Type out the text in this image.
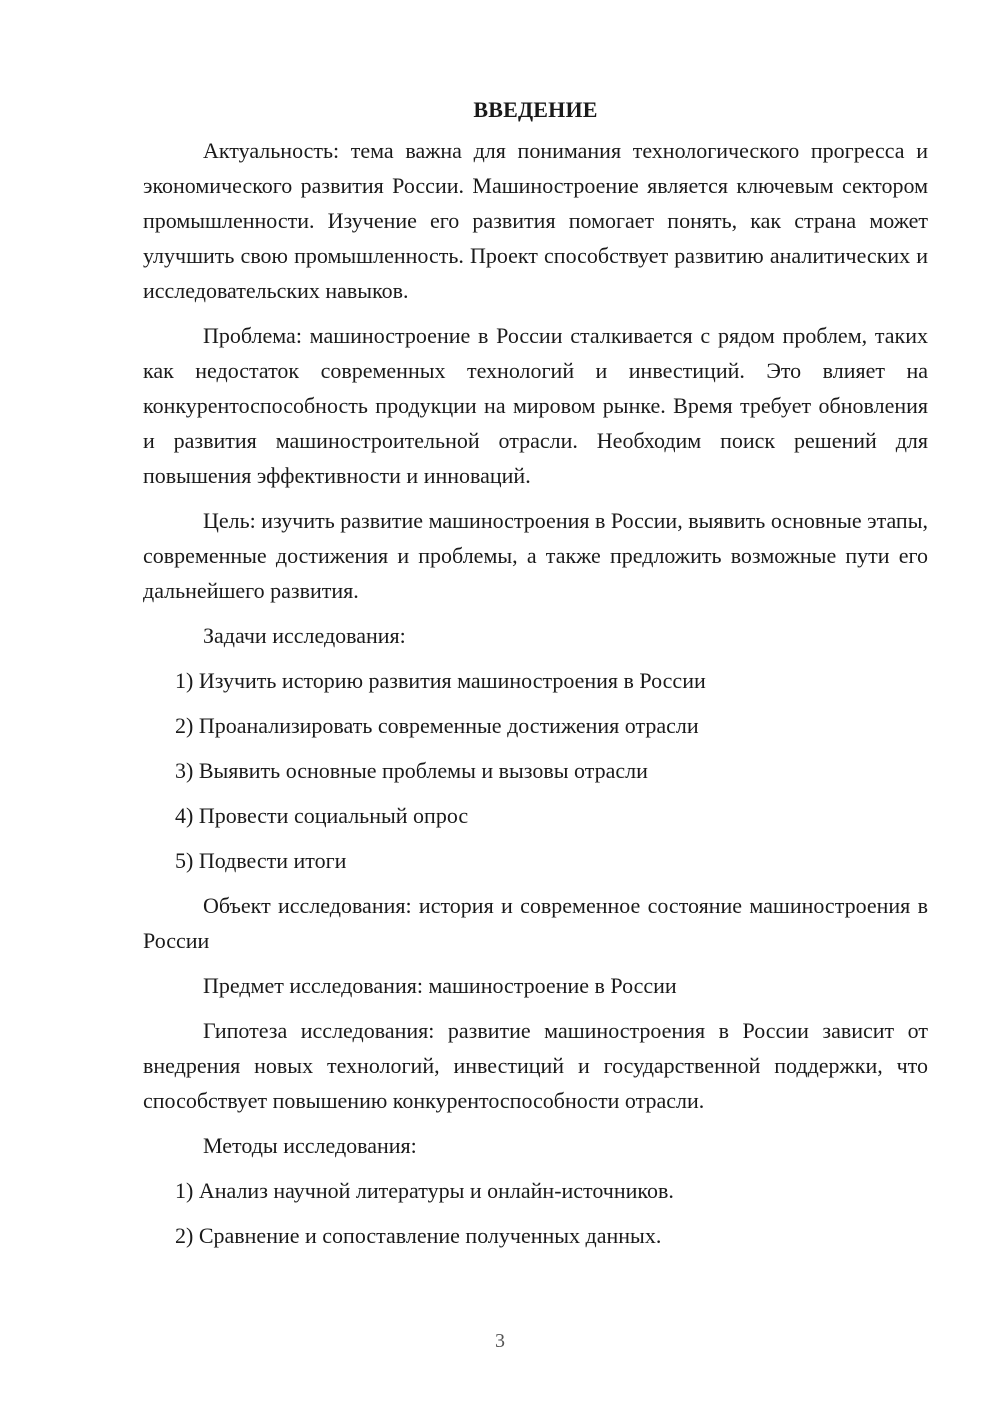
ВВЕДЕНИЕ

Актуальность: тема важна для понимания технологического прогресса и экономического развития России. Машиностроение является ключевым сектором промышленности. Изучение его развития помогает понять, как страна может улучшить свою промышленность. Проект способствует развитию аналитических и исследовательских навыков.

Проблема: машиностроение в России сталкивается с рядом проблем, таких как недостаток современных технологий и инвестиций. Это влияет на конкурентоспособность продукции на мировом рынке. Время требует обновления и развития машиностроительной отрасли. Необходим поиск решений для повышения эффективности и инноваций.

Цель: изучить развитие машиностроения в России, выявить основные этапы, современные достижения и проблемы, а также предложить возможные пути его дальнейшего развития.

Задачи исследования:
1) Изучить историю развития машиностроения в России
2) Проанализировать современные достижения отрасли
3) Выявить основные проблемы и вызовы отрасли
4) Провести социальный опрос
5) Подвести итоги

Объект исследования: история и современное состояние машиностроения в России

Предмет исследования: машиностроение в России

Гипотеза исследования: развитие машиностроения в России зависит от внедрения новых технологий, инвестиций и государственной поддержки, что способствует повышению конкурентоспособности отрасли.

Методы исследования:
1) Анализ научной литературы и онлайн-источников.
2) Сравнение и сопоставление полученных данных.
3
